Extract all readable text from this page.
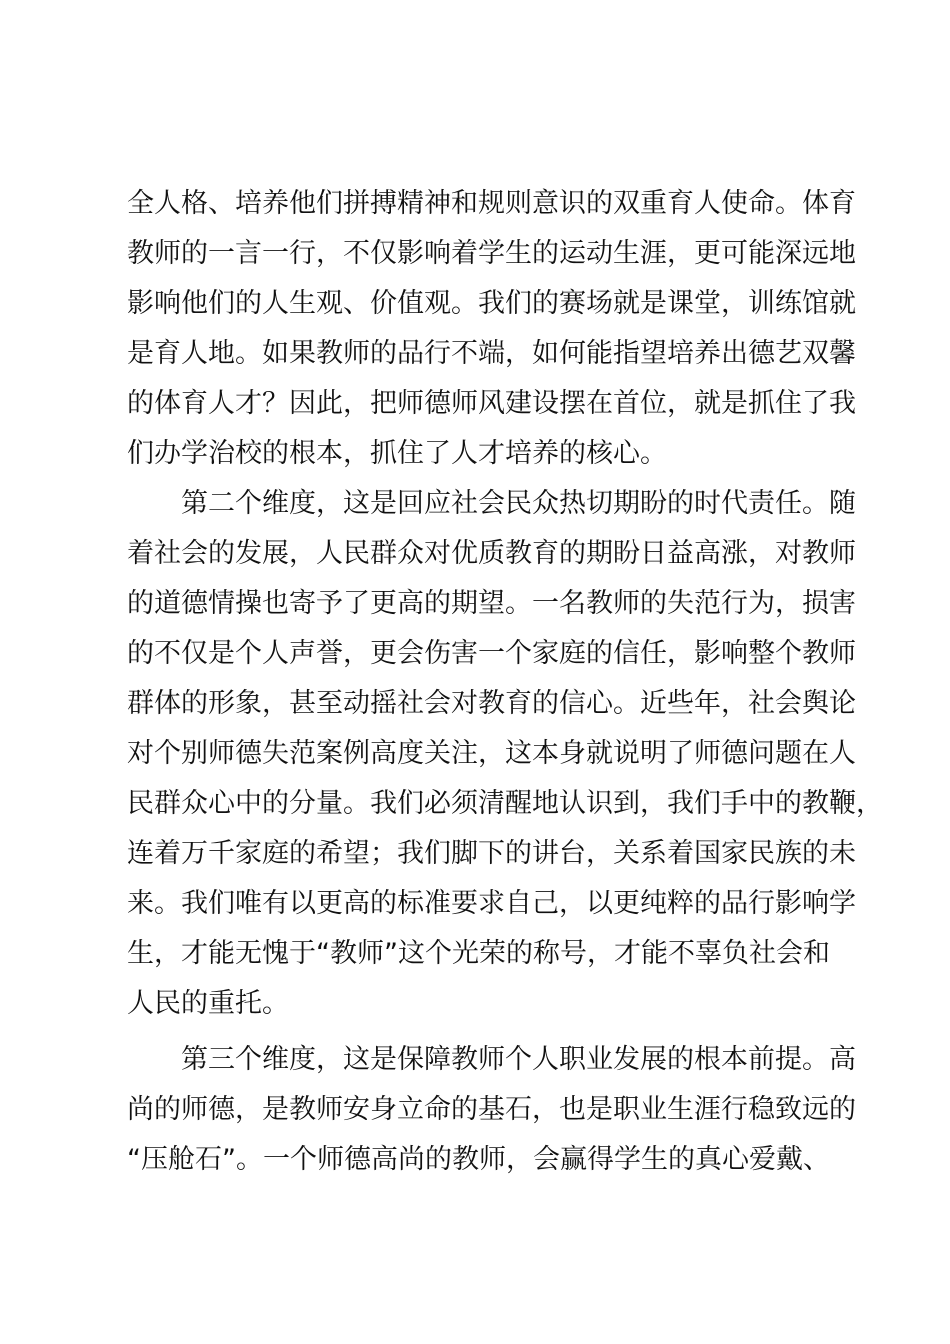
全人格、培养他们拼搏精神和规则意识的双重育人使命。体育
教师的一言一行，不仅影响着学生的运动生涯，更可能深远地
影响他们的人生观、价值观。我们的赛场就是课堂，训练馆就
是育人地。如果教师的品行不端，如何能指望培养出德艺双馨
的体育人才？因此，把师德师风建设摆在首位，就是抓住了我
们办学治校的根本，抓住了人才培养的核心。
　　第二个维度，这是回应社会民众热切期盼的时代责任。随
着社会的发展，人民群众对优质教育的期盼日益高涨，对教师
的道德情操也寄予了更高的期望。一名教师的失范行为，损害
的不仅是个人声誉，更会伤害一个家庭的信任，影响整个教师
群体的形象，甚至动摇社会对教育的信心。近些年，社会舆论
对个别师德失范案例高度关注，这本身就说明了师德问题在人
民群众心中的分量。我们必须清醒地认识到，我们手中的教鞭，
连着万千家庭的希望；我们脚下的讲台，关系着国家民族的未
来。我们唯有以更高的标准要求自己，以更纯粹的品行影响学
生，才能无愧于“教师”这个光荣的称号，才能不辜负社会和
人民的重托。
　　第三个维度，这是保障教师个人职业发展的根本前提。高
尚的师德，是教师安身立命的基石，也是职业生涯行稳致远的
“压舱石”。一个师德高尚的教师，会赢得学生的真心爱戴、
